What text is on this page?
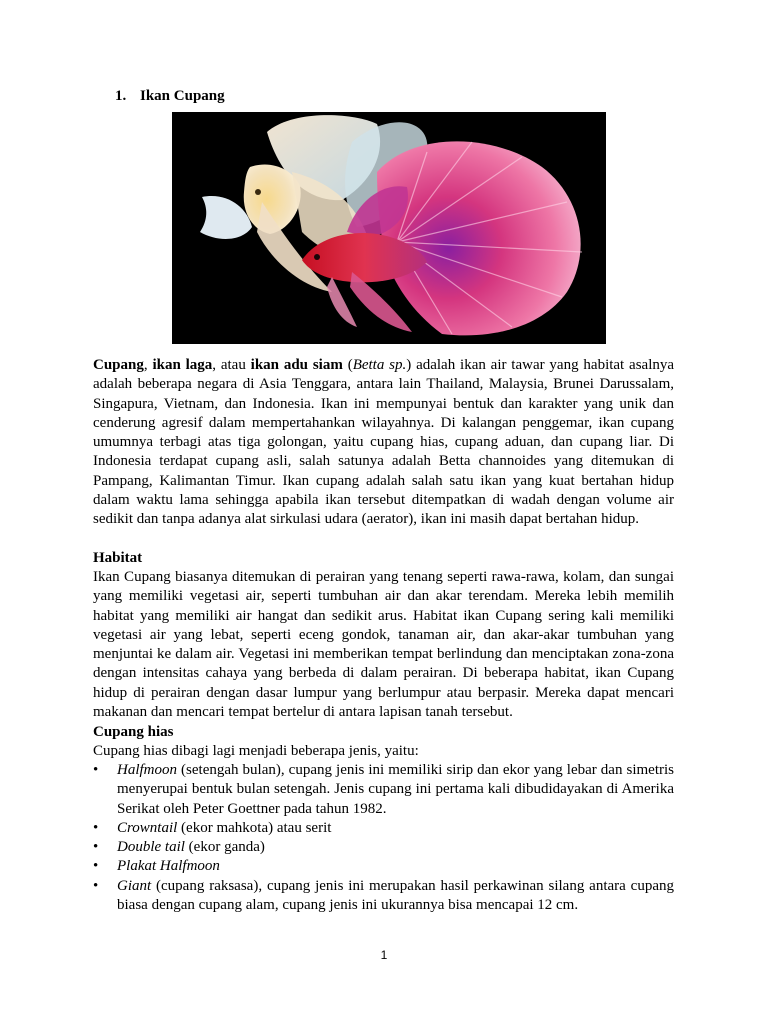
1. Ikan Cupang
Cupang, ikan laga, atau ikan adu siam (Betta sp.) adalah ikan air tawar yang habitat asalnya adalah beberapa negara di Asia Tenggara, antara lain Thailand, Malaysia, Brunei Darussalam, Singapura, Vietnam, dan Indonesia. Ikan ini mempunyai bentuk dan karakter yang unik dan cenderung agresif dalam mempertahankan wilayahnya. Di kalangan penggemar, ikan cupang umumnya terbagi atas tiga golongan, yaitu cupang hias, cupang aduan, dan cupang liar. Di Indonesia terdapat cupang asli, salah satunya adalah Betta channoides yang ditemukan di Pampang, Kalimantan Timur. Ikan cupang adalah salah satu ikan yang kuat bertahan hidup dalam waktu lama sehingga apabila ikan tersebut ditempatkan di wadah dengan volume air sedikit dan tanpa adanya alat sirkulasi udara (aerator), ikan ini masih dapat bertahan hidup.
Habitat
Ikan Cupang biasanya ditemukan di perairan yang tenang seperti rawa-rawa, kolam, dan sungai yang memiliki vegetasi air, seperti tumbuhan air dan akar terendam. Mereka lebih memilih habitat yang memiliki air hangat dan sedikit arus. Habitat ikan Cupang sering kali memiliki vegetasi air yang lebat, seperti eceng gondok, tanaman air, dan akar-akar tumbuhan yang menjuntai ke dalam air. Vegetasi ini memberikan tempat berlindung dan menciptakan zona-zona dengan intensitas cahaya yang berbeda di dalam perairan. Di beberapa habitat, ikan Cupang hidup di perairan dengan dasar lumpur yang berlumpur atau berpasir. Mereka dapat mencari makanan dan mencari tempat bertelur di antara lapisan tanah tersebut.
Cupang hias
Cupang hias dibagi lagi menjadi beberapa jenis, yaitu:
• Halfmoon (setengah bulan), cupang jenis ini memiliki sirip dan ekor yang lebar dan simetris menyerupai bentuk bulan setengah. Jenis cupang ini pertama kali dibudidayakan di Amerika Serikat oleh Peter Goettner pada tahun 1982.
• Crowntail (ekor mahkota) atau serit
• Double tail (ekor ganda)
• Plakat Halfmoon
• Giant (cupang raksasa), cupang jenis ini merupakan hasil perkawinan silang antara cupang biasa dengan cupang alam, cupang jenis ini ukurannya bisa mencapai 12 cm.
1
